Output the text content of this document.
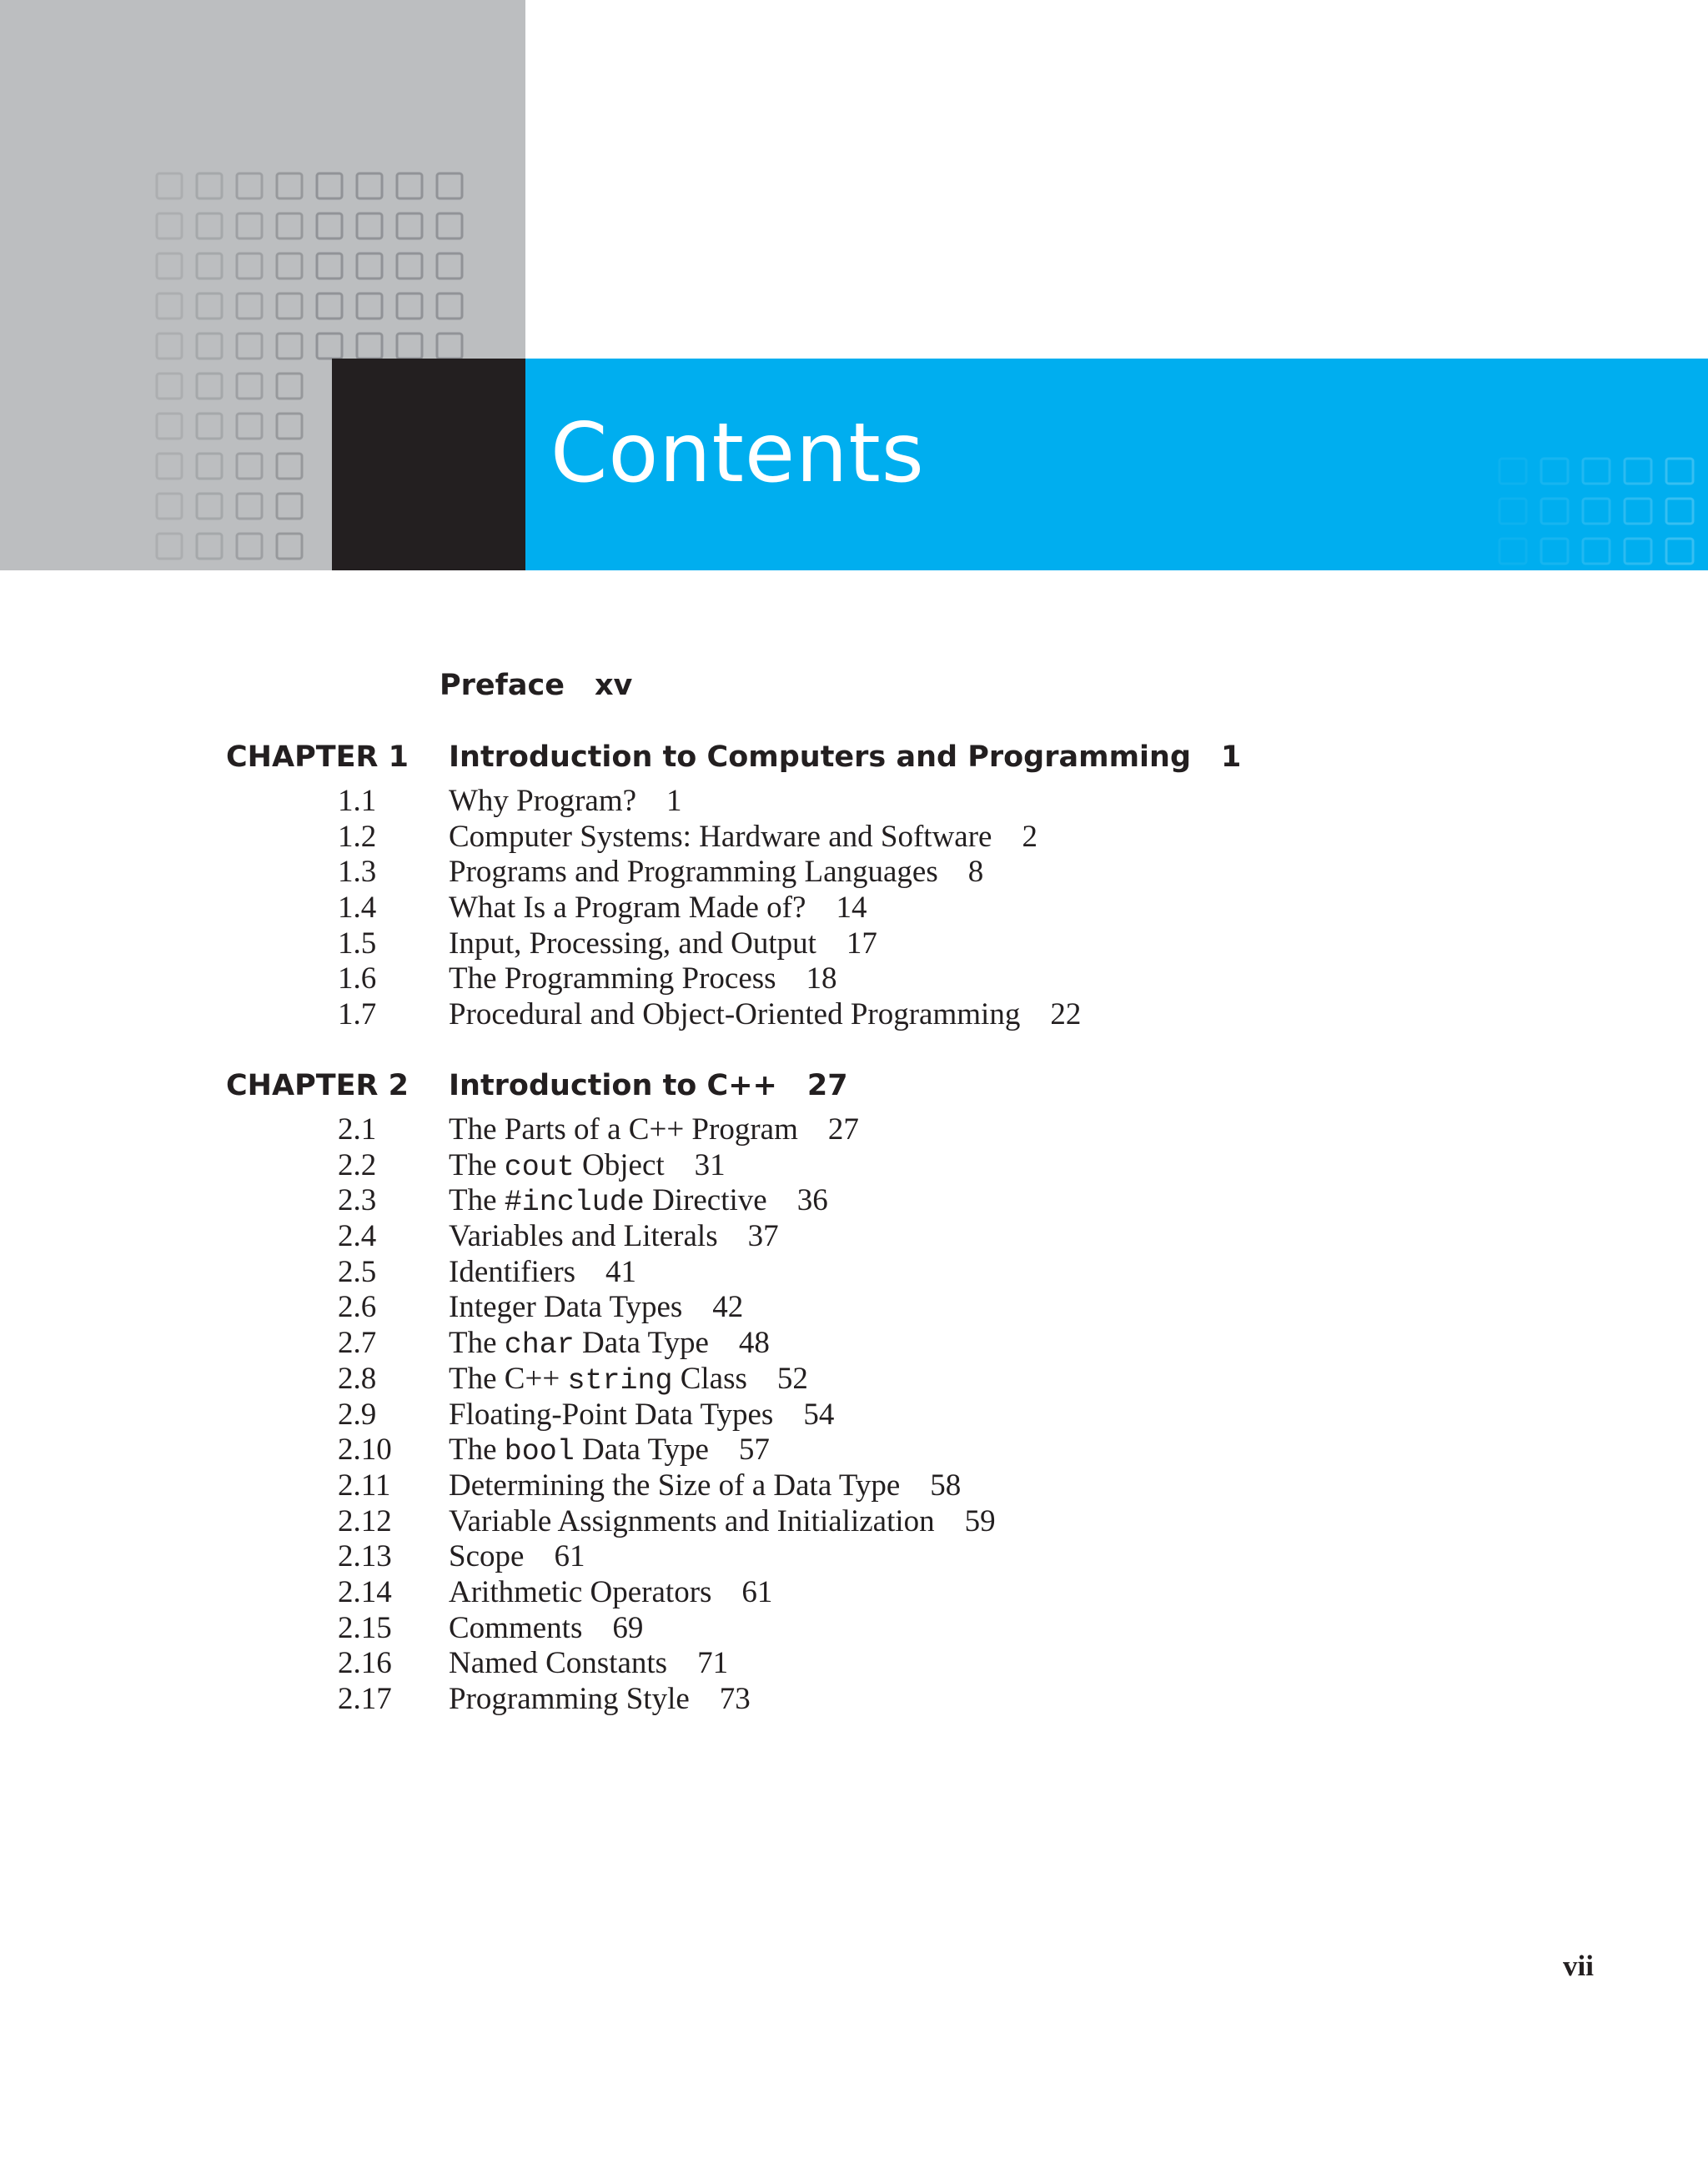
Contents
Preface xv
CHAPTER 1 Introduction to Computers and Programming 1
1.1 Why Program? 1
1.2 Computer Systems: Hardware and Software 2
1.3 Programs and Programming Languages 8
1.4 What Is a Program Made of? 14
1.5 Input, Processing, and Output 17
1.6 The Programming Process 18
1.7 Procedural and Object-Oriented Programming 22
CHAPTER 2 Introduction to C++ 27
2.1 The Parts of a C++ Program 27
2.2 The cout Object 31
2.3 The #include Directive 36
2.4 Variables and Literals 37
2.5 Identifiers 41
2.6 Integer Data Types 42
2.7 The char Data Type 48
2.8 The C++ string Class 52
2.9 Floating-Point Data Types 54
2.10 The bool Data Type 57
2.11 Determining the Size of a Data Type 58
2.12 Variable Assignments and Initialization 59
2.13 Scope 61
2.14 Arithmetic Operators 61
2.15 Comments 69
2.16 Named Constants 71
2.17 Programming Style 73
vii
